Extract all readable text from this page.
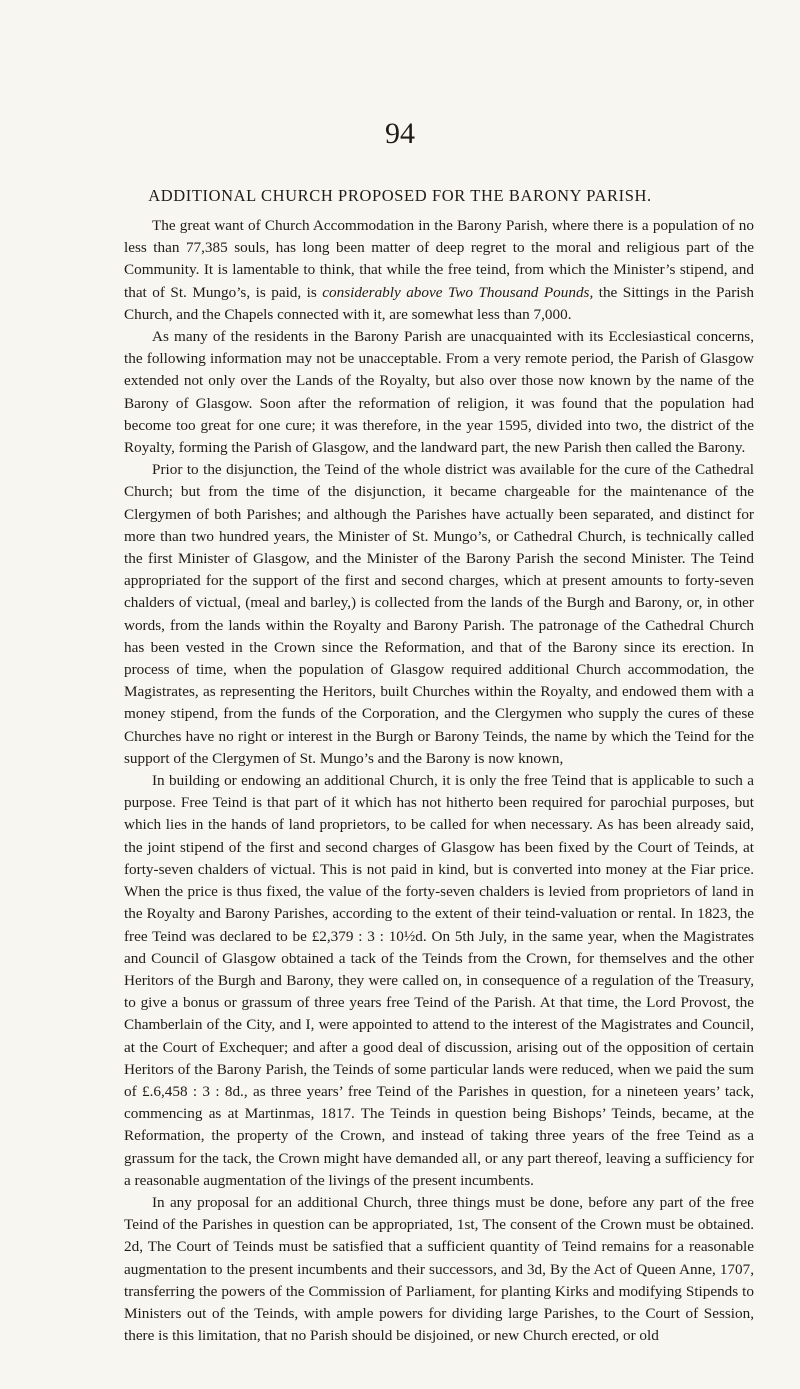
94
ADDITIONAL CHURCH PROPOSED FOR THE BARONY PARISH.

The great want of Church Accommodation in the Barony Parish, where there is a population of no less than 77,385 souls, has long been matter of deep regret to the moral and religious part of the Community. It is lamentable to think, that while the free teind, from which the Minister’s stipend, and that of St. Mungo’s, is paid, is considerably above Two Thousand Pounds, the Sittings in the Parish Church, and the Chapels connected with it, are somewhat less than 7,000.

As many of the residents in the Barony Parish are unacquainted with its Ecclesiastical concerns, the following information may not be unacceptable. From a very remote period, the Parish of Glasgow extended not only over the Lands of the Royalty, but also over those now known by the name of the Barony of Glasgow. Soon after the reformation of religion, it was found that the population had become too great for one cure; it was therefore, in the year 1595, divided into two, the district of the Royalty, forming the Parish of Glasgow, and the landward part, the new Parish then called the Barony.

Prior to the disjunction, the Teind of the whole district was available for the cure of the Cathedral Church; but from the time of the disjunction, it became chargeable for the maintenance of the Clergymen of both Parishes; and although the Parishes have actually been separated, and distinct for more than two hundred years, the Minister of St. Mungo’s, or Cathedral Church, is technically called the first Minister of Glasgow, and the Minister of the Barony Parish the second Minister. The Teind appropriated for the support of the first and second charges, which at present amounts to forty-seven chalders of victual, (meal and barley,) is collected from the lands of the Burgh and Barony, or, in other words, from the lands within the Royalty and Barony Parish. The patronage of the Cathedral Church has been vested in the Crown since the Reformation, and that of the Barony since its erection. In process of time, when the population of Glasgow required additional Church accommodation, the Magistrates, as representing the Heritors, built Churches within the Royalty, and endowed them with a money stipend, from the funds of the Corporation, and the Clergymen who supply the cures of these Churches have no right or interest in the Burgh or Barony Teinds, the name by which the Teind for the support of the Clergymen of St. Mungo’s and the Barony is now known,

In building or endowing an additional Church, it is only the free Teind that is applicable to such a purpose. Free Teind is that part of it which has not hitherto been required for parochial purposes, but which lies in the hands of land proprietors, to be called for when necessary. As has been already said, the joint stipend of the first and second charges of Glasgow has been fixed by the Court of Teinds, at forty-seven chalders of victual. This is not paid in kind, but is converted into money at the Fiar price. When the price is thus fixed, the value of the forty-seven chalders is levied from proprietors of land in the Royalty and Barony Parishes, according to the extent of their teind-valuation or rental. In 1823, the free Teind was declared to be £2,379 : 3 : 10½d. On 5th July, in the same year, when the Magistrates and Council of Glasgow obtained a tack of the Teinds from the Crown, for themselves and the other Heritors of the Burgh and Barony, they were called on, in consequence of a regulation of the Treasury, to give a bonus or grassum of three years free Teind of the Parish. At that time, the Lord Provost, the Chamberlain of the City, and I, were appointed to attend to the interest of the Magistrates and Council, at the Court of Exchequer; and after a good deal of discussion, arising out of the opposition of certain Heritors of the Barony Parish, the Teinds of some particular lands were reduced, when we paid the sum of £.6,458 : 3 : 8d., as three years’ free Teind of the Parishes in question, for a nineteen years’ tack, commencing as at Martinmas, 1817. The Teinds in question being Bishops’ Teinds, became, at the Reformation, the property of the Crown, and instead of taking three years of the free Teind as a grassum for the tack, the Crown might have demanded all, or any part thereof, leaving a sufficiency for a reasonable augmentation of the livings of the present incumbents.

In any proposal for an additional Church, three things must be done, before any part of the free Teind of the Parishes in question can be appropriated, 1st, The consent of the Crown must be obtained. 2d, The Court of Teinds must be satisfied that a sufficient quantity of Teind remains for a reasonable augmentation to the present incumbents and their successors, and 3d, By the Act of Queen Anne, 1707, transferring the powers of the Commission of Parliament, for planting Kirks and modifying Stipends to Ministers out of the Teinds, with ample powers for dividing large Parishes, to the Court of Session, there is this limitation, that no Parish should be disjoined, or new Church erected, or old
